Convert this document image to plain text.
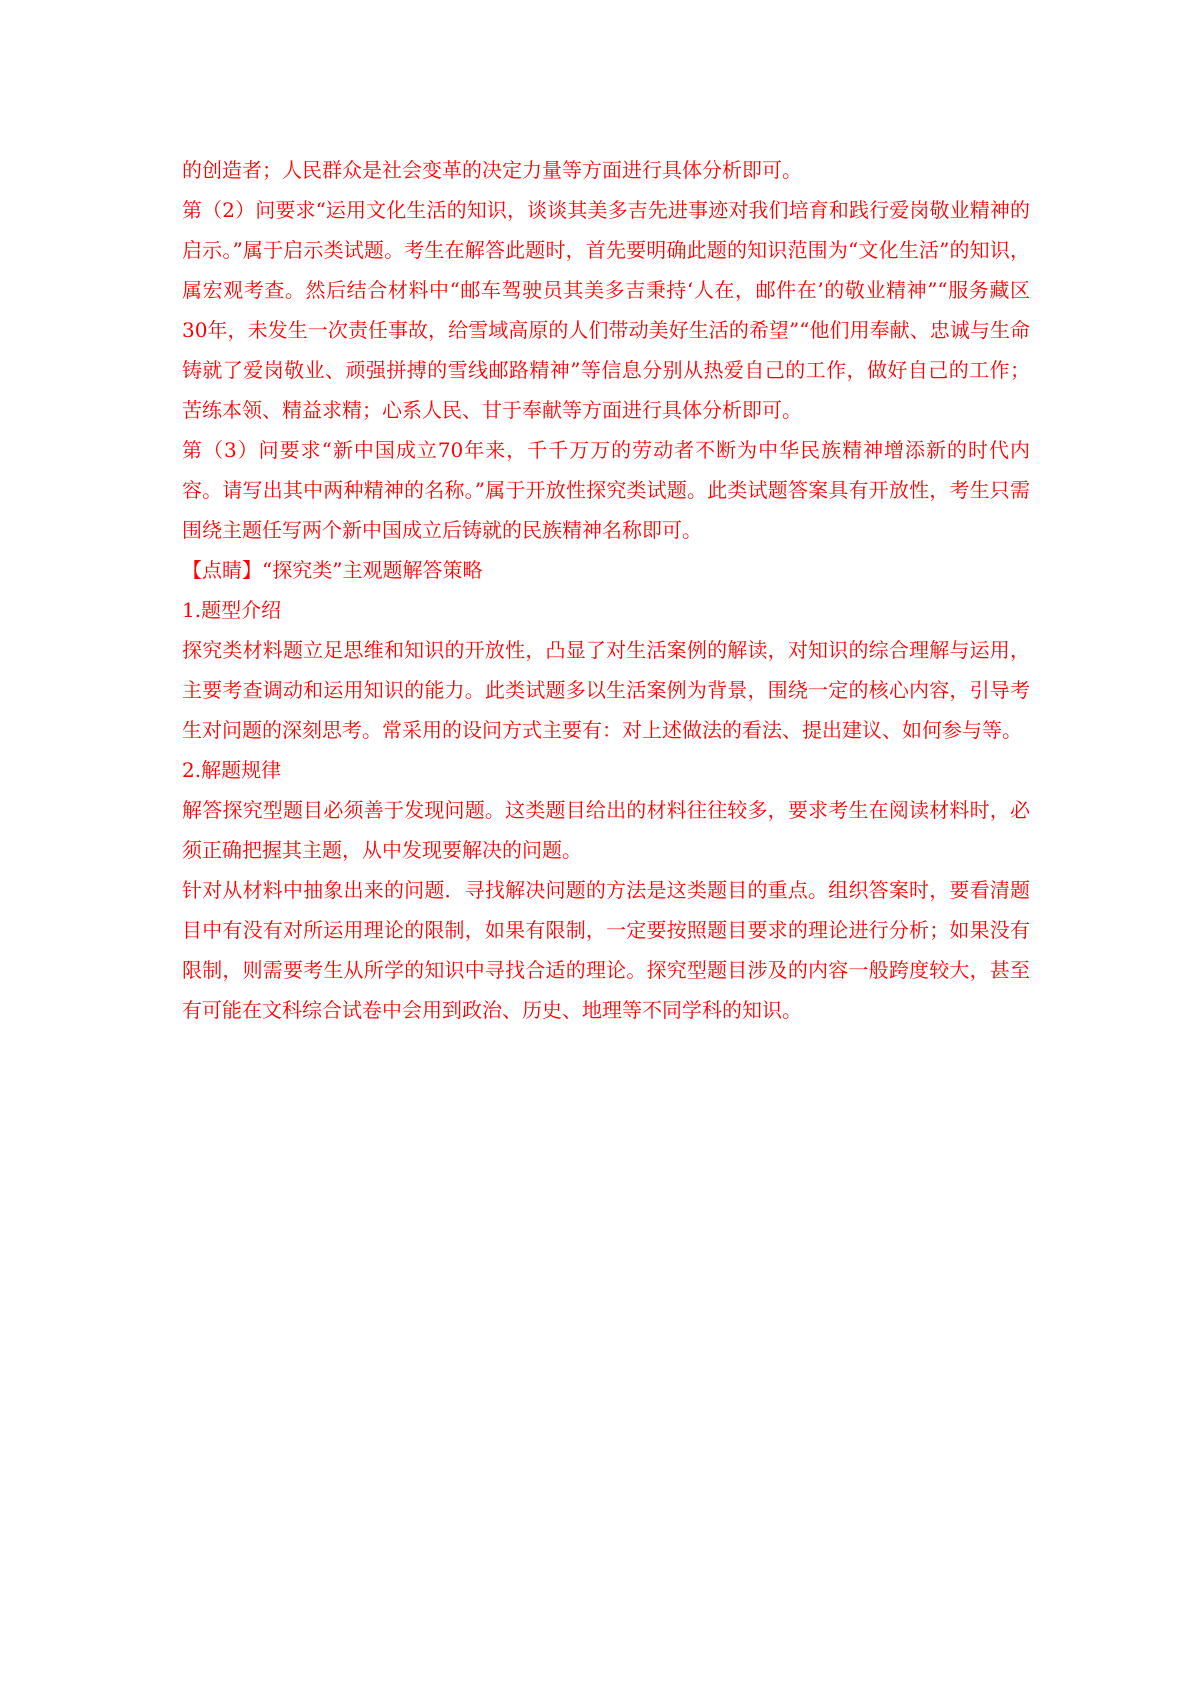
的创造者；人民群众是社会变革的决定力量等方面进行具体分析即可。

第（2）问要求“运用文化生活的知识，谈谈其美多吉先进事迹对我们培育和践行爱岗敬业精神的启示。”属于启示类试题。考生在解答此题时，首先要明确此题的知识范围为“文化生活”的知识，属宏观考查。然后结合材料中“邮车驾驶员其美多吉秉持‘人在，邮件在’的敬业精神”“服务藏区30年，未发生一次责任事故，给雪域高原的人们带动美好生活的希望”“他们用奉献、忠诚与生命铸就了爱岗敬业、顽强拼搏的雪线邮路精神”等信息分别从热爱自己的工作，做好自己的工作；苦练本领、精益求精；心系人民、甘于奉献等方面进行具体分析即可。

第（3）问要求“新中国成立70年来，千千万万的劳动者不断为中华民族精神增添新的时代内容。请写出其中两种精神的名称。”属于开放性探究类试题。此类试题答案具有开放性，考生只需围绕主题任写两个新中国成立后铸就的民族精神名称即可。

【点睛】“探究类”主观题解答策略

1.题型介绍

探究类材料题立足思维和知识的开放性，凸显了对生活案例的解读，对知识的综合理解与运用，主要考查调动和运用知识的能力。此类试题多以生活案例为背景，围绕一定的核心内容，引导考生对问题的深刻思考。常采用的设问方式主要有：对上述做法的看法、提出建议、如何参与等。

2.解题规律

解答探究型题目必须善于发现问题。这类题目给出的材料往往较多，要求考生在阅读材料时，必须正确把握其主题，从中发现要解决的问题。

针对从材料中抽象出来的问题．寻找解决问题的方法是这类题目的重点。组织答案时，要看清题目中有没有对所运用理论的限制，如果有限制，一定要按照题目要求的理论进行分析；如果没有限制，则需要考生从所学的知识中寻找合适的理论。探究型题目涉及的内容一般跨度较大，甚至有可能在文科综合试卷中会用到政治、历史、地理等不同学科的知识。
